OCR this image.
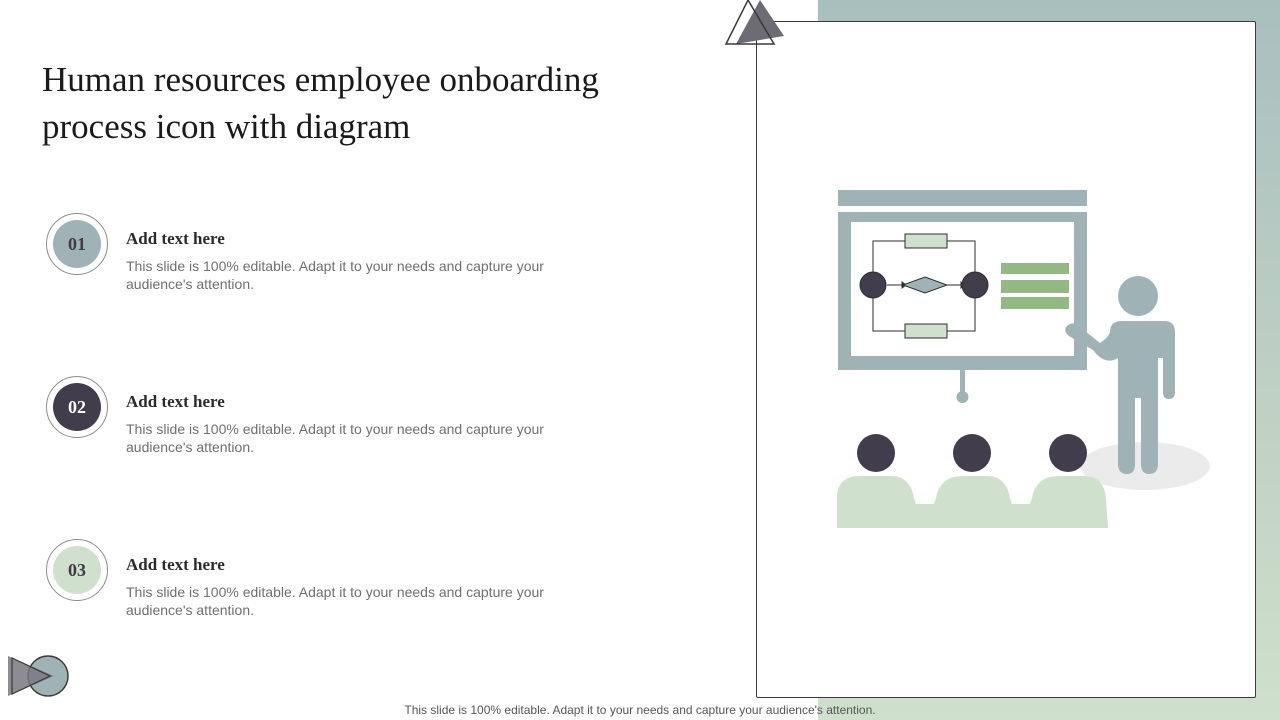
Human resources employee onboarding process icon with diagram
01	Add text here

This slide is 100% editable. Adapt it to your needs and capture your audience's attention.

02	Add text here

This slide is 100% editable. Adapt it to your needs and capture your audience's attention.

03	Add text here

This slide is 100% editable. Adapt it to your needs and capture your audience's attention.

This slide is 100% editable. Adapt it to your needs and capture your audience's attention.
